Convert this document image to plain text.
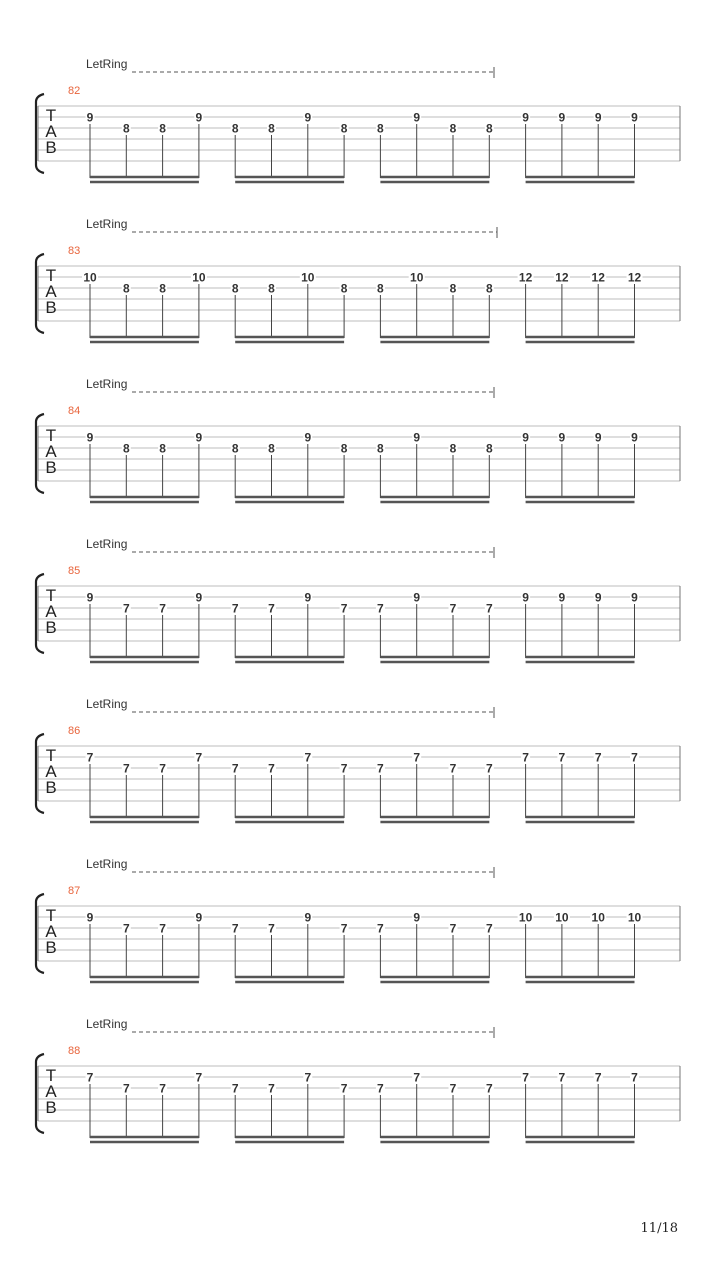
LetRing
82
T
A
B
9
8 8
9
8 8
9
8 8
9
8 8
9 9 9 9
LetRing
83
T
A
B
10
8 8
10
8 8
10
8 8
10
8 8
12 12 12 12
LetRing
84
T
A
B
9
8 8
9
8 8
9
8 8
9
8 8
9 9 9 9
LetRing
85
T
A
B
9
7 7
9
7 7
9
7 7
9
7 7
9 9 9 9
LetRing
86
T
A
B
7
7 7
7
7 7
7
7 7
7
7 7
7 7 7 7
LetRing
87
T
A
B
9
7 7
9
7 7
9
7 7
9
7 7
10 10 10 10
LetRing
88
T
A
B
7
7 7
7
7 7
7
7 7
7
7 7
7 7 7 7
11/18
